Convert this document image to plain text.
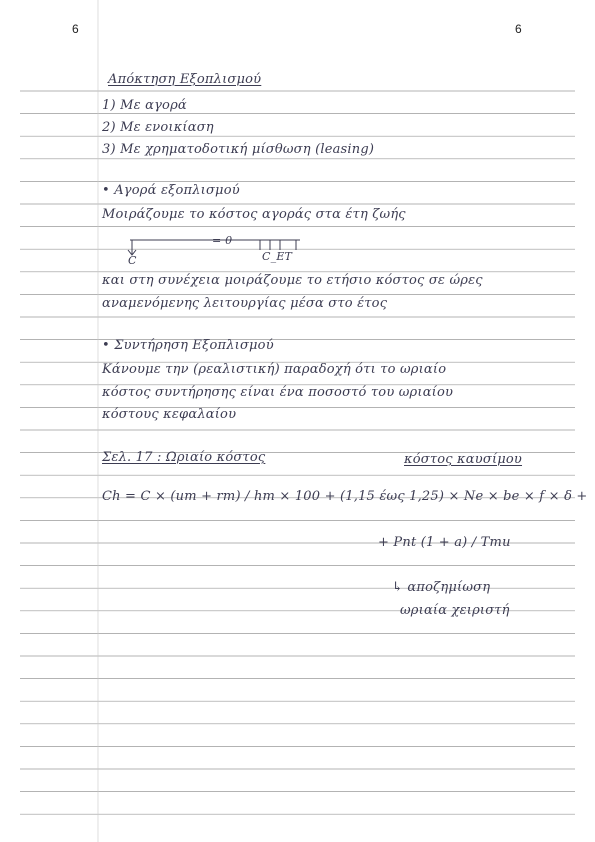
6	6
Απόκτηση Εξοπλισμού
1) Με αγορά
2) Με ενοικίαση
3) Με χρηματοδοτική μίσθωση (leasing)
• Αγορά εξοπλισμού
Μοιράζουμε το κόστος αγοράς στα έτη ζωής
= 0
C	C_ET
και στη συνέχεια μοιράζουμε το ετήσιο κόστος σε ώρες
αναμενόμενης λειτουργίας μέσα στο έτος
• Συντήρηση Εξοπλισμού
Κάνουμε την (ρεαλιστική) παραδοχή ότι το ωριαίο
κόστος συντήρησης είναι ένα ποσοστό του ωριαίου
κόστους κεφαλαίου
Σελ. 17 : Ωριαίο κόστος	κόστος καυσίμου
Ch = C × (um + rm) / hm × 100 + (1,15 έως 1,25) × Ne × be × f × δ +
+ Pnt (1 + a) / Tmu
↳ αποζημίωση
ωριαία χειριστή
